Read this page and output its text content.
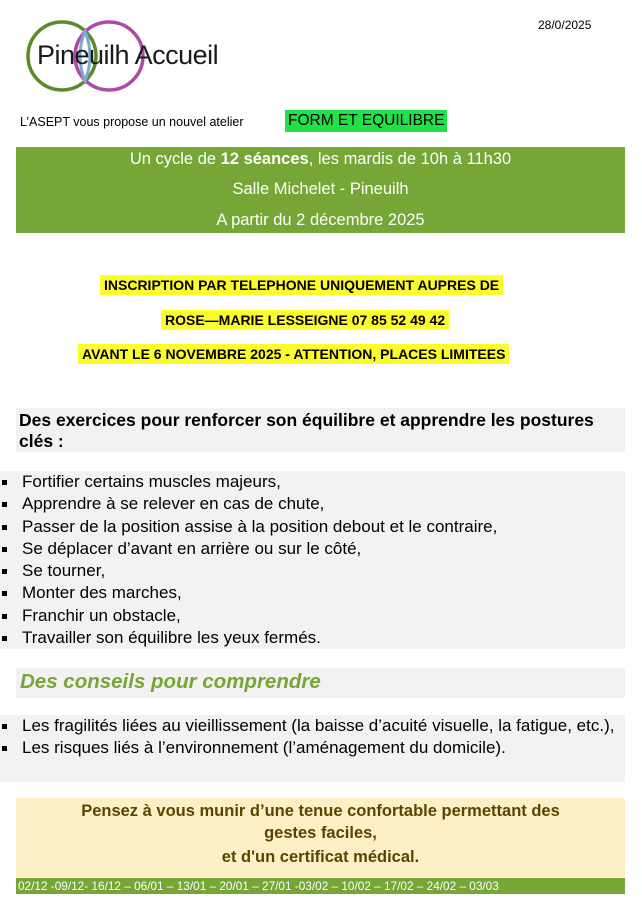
28/0/2025
Pineuilh Accueil
L’ASEPT vous propose un nouvel atelier	FORM ET EQUILIBRE
Un cycle de 12 séances, les mardis de 10h à 11h30
Salle Michelet - Pineuilh
A partir du 2 décembre 2025
INSCRIPTION PAR TELEPHONE UNIQUEMENT AUPRES DE
ROSE—MARIE LESSEIGNE 07 85 52 49 42
AVANT LE 6 NOVEMBRE 2025 - ATTENTION, PLACES LIMITEES
Des exercices pour renforcer son équilibre et apprendre les postures clés :
Fortifier certains muscles majeurs,
Apprendre à se relever en cas de chute,
Passer de la position assise à la position debout et le contraire,
Se déplacer d’avant en arrière ou sur le côté,
Se tourner,
Monter des marches,
Franchir un obstacle,
Travailler son équilibre les yeux fermés.
Des conseils pour comprendre
Les fragilités liées au vieillissement (la baisse d’acuité visuelle, la fatigue, etc.),
Les risques liés à l’environnement (l’aménagement du domicile).
Pensez à vous munir d’une tenue confortable permettant des
gestes faciles,
et d'un certificat médical.
02/12 -09/12- 16/12 – 06/01 – 13/01 – 20/01 – 27/01 -03/02 – 10/02 – 17/02 – 24/02 – 03/03
